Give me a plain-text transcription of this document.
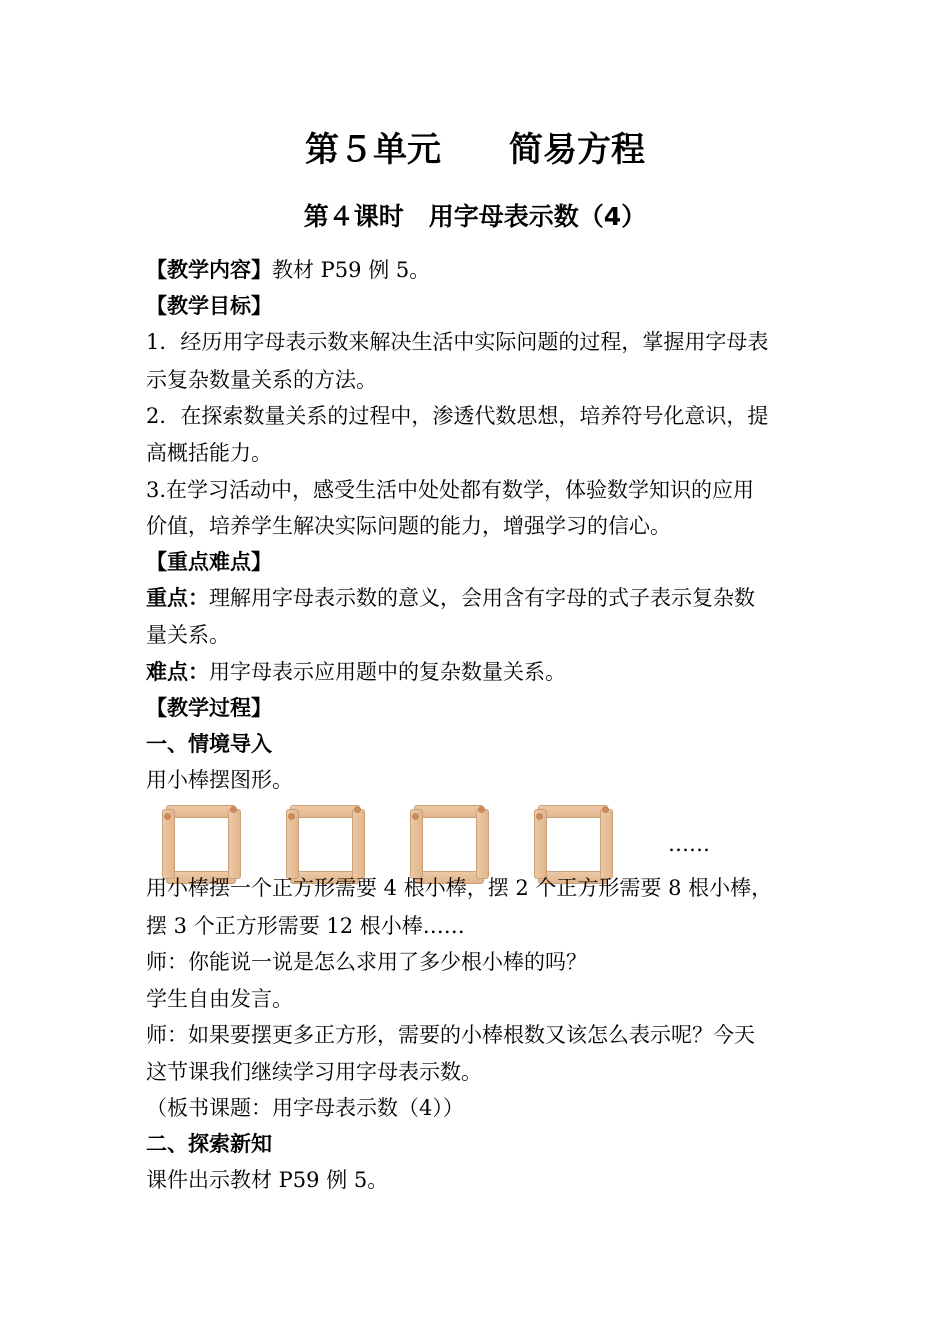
第５单元　　简易方程
第４课时　用字母表示数（4）
【教学内容】教材 P59 例 5。
【教学目标】
1．经历用字母表示数来解决生活中实际问题的过程，掌握用字母表
示复杂数量关系的方法。
2．在探索数量关系的过程中，渗透代数思想，培养符号化意识，提
高概括能力。
3.在学习活动中，感受生活中处处都有数学，体验数学知识的应用
价值，培养学生解决实际问题的能力，增强学习的信心。
【重点难点】
重点：理解用字母表示数的意义，会用含有字母的式子表示复杂数
量关系。
难点：用字母表示应用题中的复杂数量关系。
【教学过程】
一、情境导入
用小棒摆图形。
……
用小棒摆一个正方形需要 4 根小棒，摆 2 个正方形需要 8 根小棒，
摆 3 个正方形需要 12 根小棒……
师：你能说一说是怎么求用了多少根小棒的吗？
学生自由发言。
师：如果要摆更多正方形，需要的小棒根数又该怎么表示呢？今天
这节课我们继续学习用字母表示数。
（板书课题：用字母表示数（4））
二、探索新知
课件出示教材 P59 例 5。
